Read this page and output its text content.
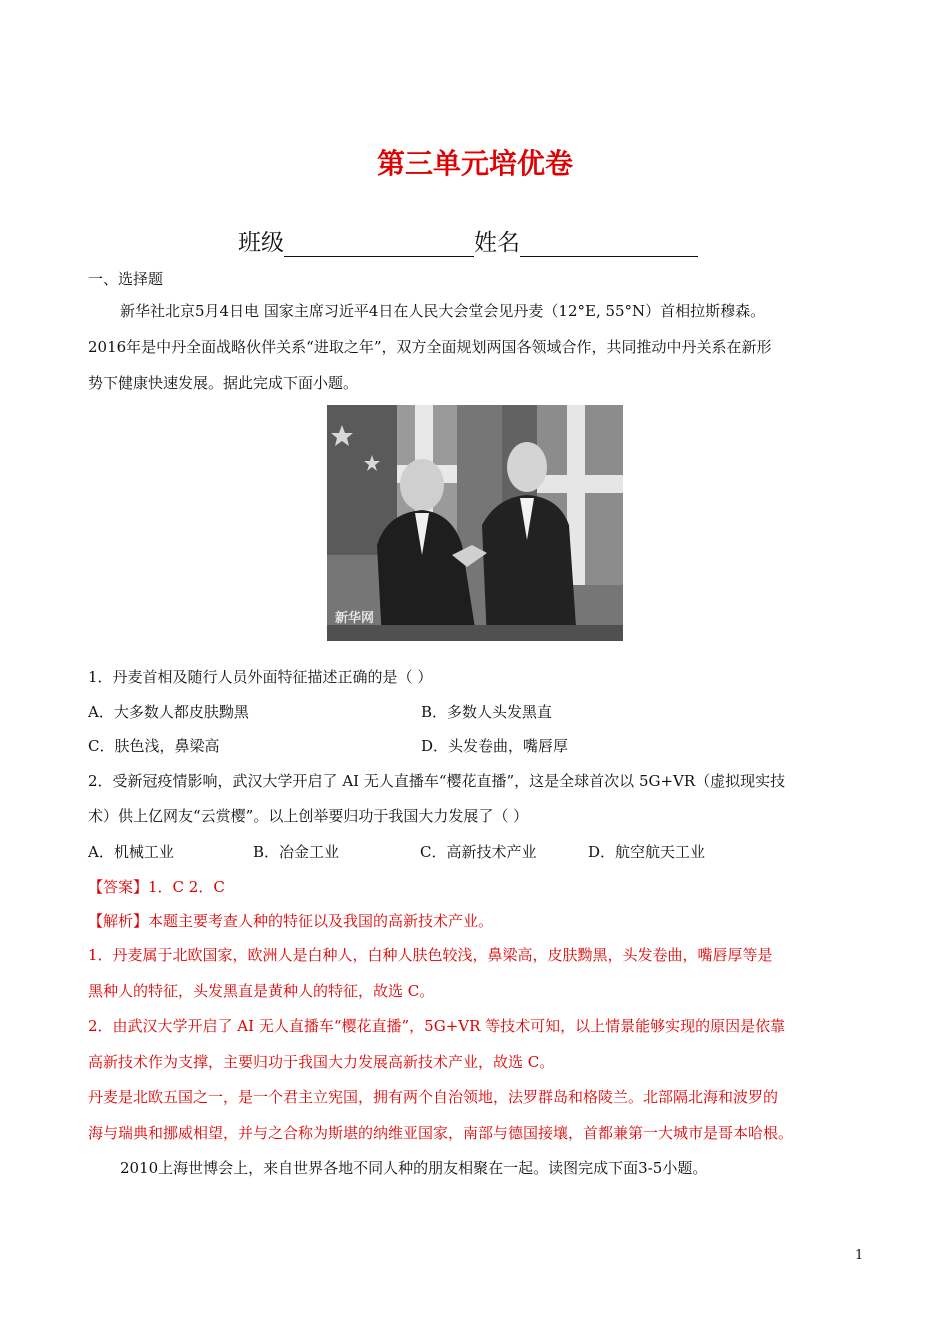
第三单元培优卷
班级	姓名
一、选择题
新华社北京5月4日电 国家主席习近平4日在人民大会堂会见丹麦（12°E, 55°N）首相拉斯穆森。
2016年是中丹全面战略伙伴关系“进取之年”，双方全面规划两国各领域合作，共同推动中丹关系在新形
势下健康快速发展。据此完成下面小题。
新华网
1．丹麦首相及随行人员外面特征描述正确的是（ ）
A．大多数人都皮肤黝黑	B．多数人头发黑直
C．肤色浅，鼻梁高	D．头发卷曲，嘴唇厚
2．受新冠疫情影响，武汉大学开启了 AI 无人直播车“樱花直播”，这是全球首次以 5G+VR（虚拟现实技
术）供上亿网友“云赏樱”。以上创举要归功于我国大力发展了（ ）
A．机械工业	B．冶金工业	C．高新技术产业	D．航空航天工业
【答案】1．C 2．C
【解析】本题主要考查人种的特征以及我国的高新技术产业。
1．丹麦属于北欧国家，欧洲人是白种人，白种人肤色较浅，鼻梁高，皮肤黝黑，头发卷曲，嘴唇厚等是
黑种人的特征，头发黑直是黄种人的特征，故选 C。
2．由武汉大学开启了 AI 无人直播车“樱花直播”，5G+VR 等技术可知，以上情景能够实现的原因是依靠
高新技术作为支撑，主要归功于我国大力发展高新技术产业，故选 C。
丹麦是北欧五国之一，是一个君主立宪国，拥有两个自治领地，法罗群岛和格陵兰。北部隔北海和波罗的
海与瑞典和挪威相望，并与之合称为斯堪的纳维亚国家，南部与德国接壤，首都兼第一大城市是哥本哈根。
2010上海世博会上，来自世界各地不同人种的朋友相聚在一起。读图完成下面3-5小题。
1
